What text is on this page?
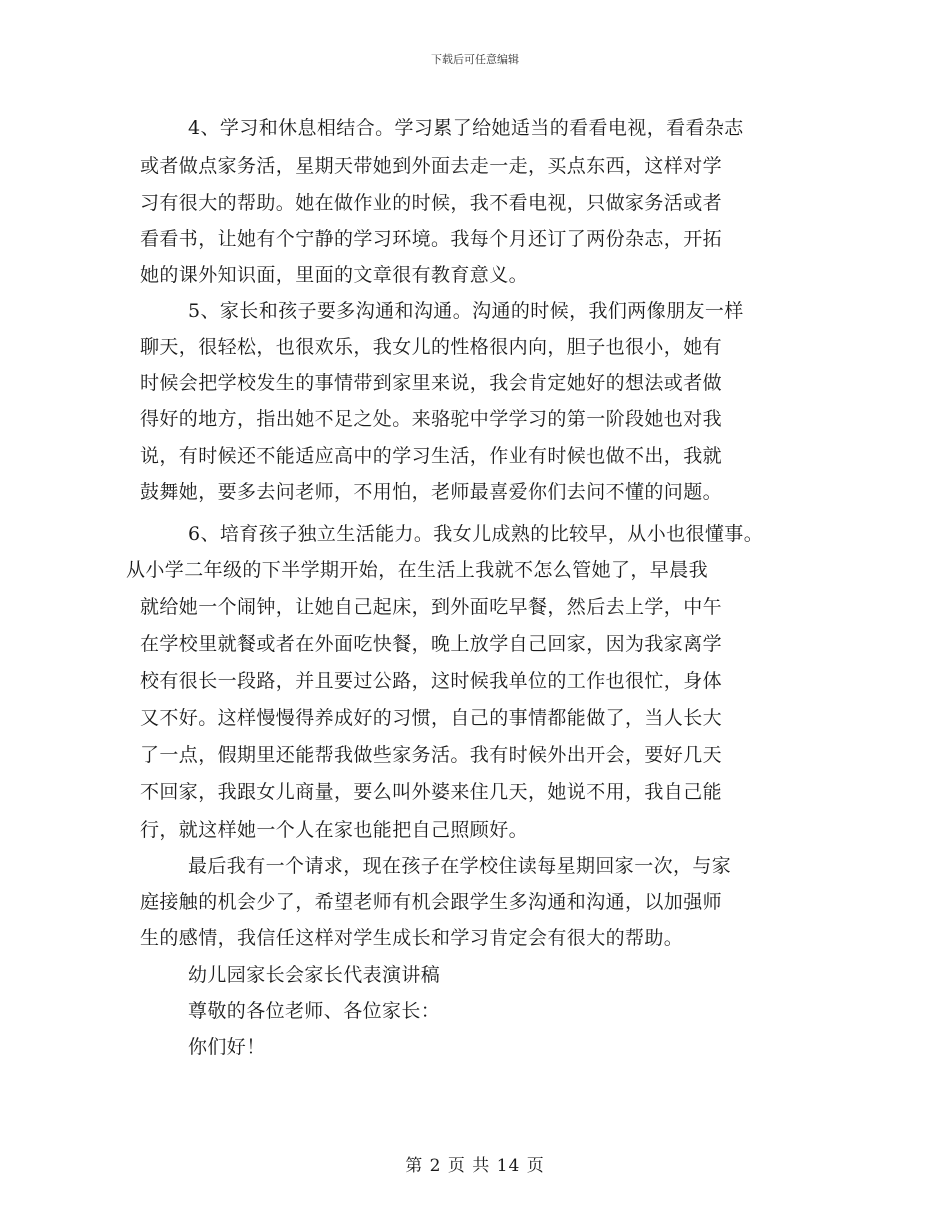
下载后可任意编辑
4、学习和休息相结合。学习累了给她适当的看看电视，看看杂志
或者做点家务活，星期天带她到外面去走一走，买点东西，这样对学
习有很大的帮助。她在做作业的时候，我不看电视，只做家务活或者
看看书，让她有个宁静的学习环境。我每个月还订了两份杂志，开拓
她的课外知识面，里面的文章很有教育意义。
5、家长和孩子要多沟通和沟通。沟通的时候，我们两像朋友一样
聊天，很轻松，也很欢乐，我女儿的性格很内向，胆子也很小，她有
时候会把学校发生的事情带到家里来说，我会肯定她好的想法或者做
得好的地方，指出她不足之处。来骆驼中学学习的第一阶段她也对我
说，有时候还不能适应高中的学习生活，作业有时候也做不出，我就
鼓舞她，要多去问老师，不用怕，老师最喜爱你们去问不懂的问题。
6、培育孩子独立生活能力。我女儿成熟的比较早，从小也很懂事。
从小学二年级的下半学期开始，在生活上我就不怎么管她了，早晨我
就给她一个闹钟，让她自己起床，到外面吃早餐，然后去上学，中午
在学校里就餐或者在外面吃快餐，晚上放学自己回家，因为我家离学
校有很长一段路，并且要过公路，这时候我单位的工作也很忙，身体
又不好。这样慢慢得养成好的习惯，自己的事情都能做了，当人长大
了一点，假期里还能帮我做些家务活。我有时候外出开会，要好几天
不回家，我跟女儿商量，要么叫外婆来住几天，她说不用，我自己能
行，就这样她一个人在家也能把自己照顾好。
最后我有一个请求，现在孩子在学校住读每星期回家一次，与家
庭接触的机会少了，希望老师有机会跟学生多沟通和沟通，以加强师
生的感情，我信任这样对学生成长和学习肯定会有很大的帮助。
幼儿园家长会家长代表演讲稿
尊敬的各位老师、各位家长：
你们好！
第 2 页 共 14 页
